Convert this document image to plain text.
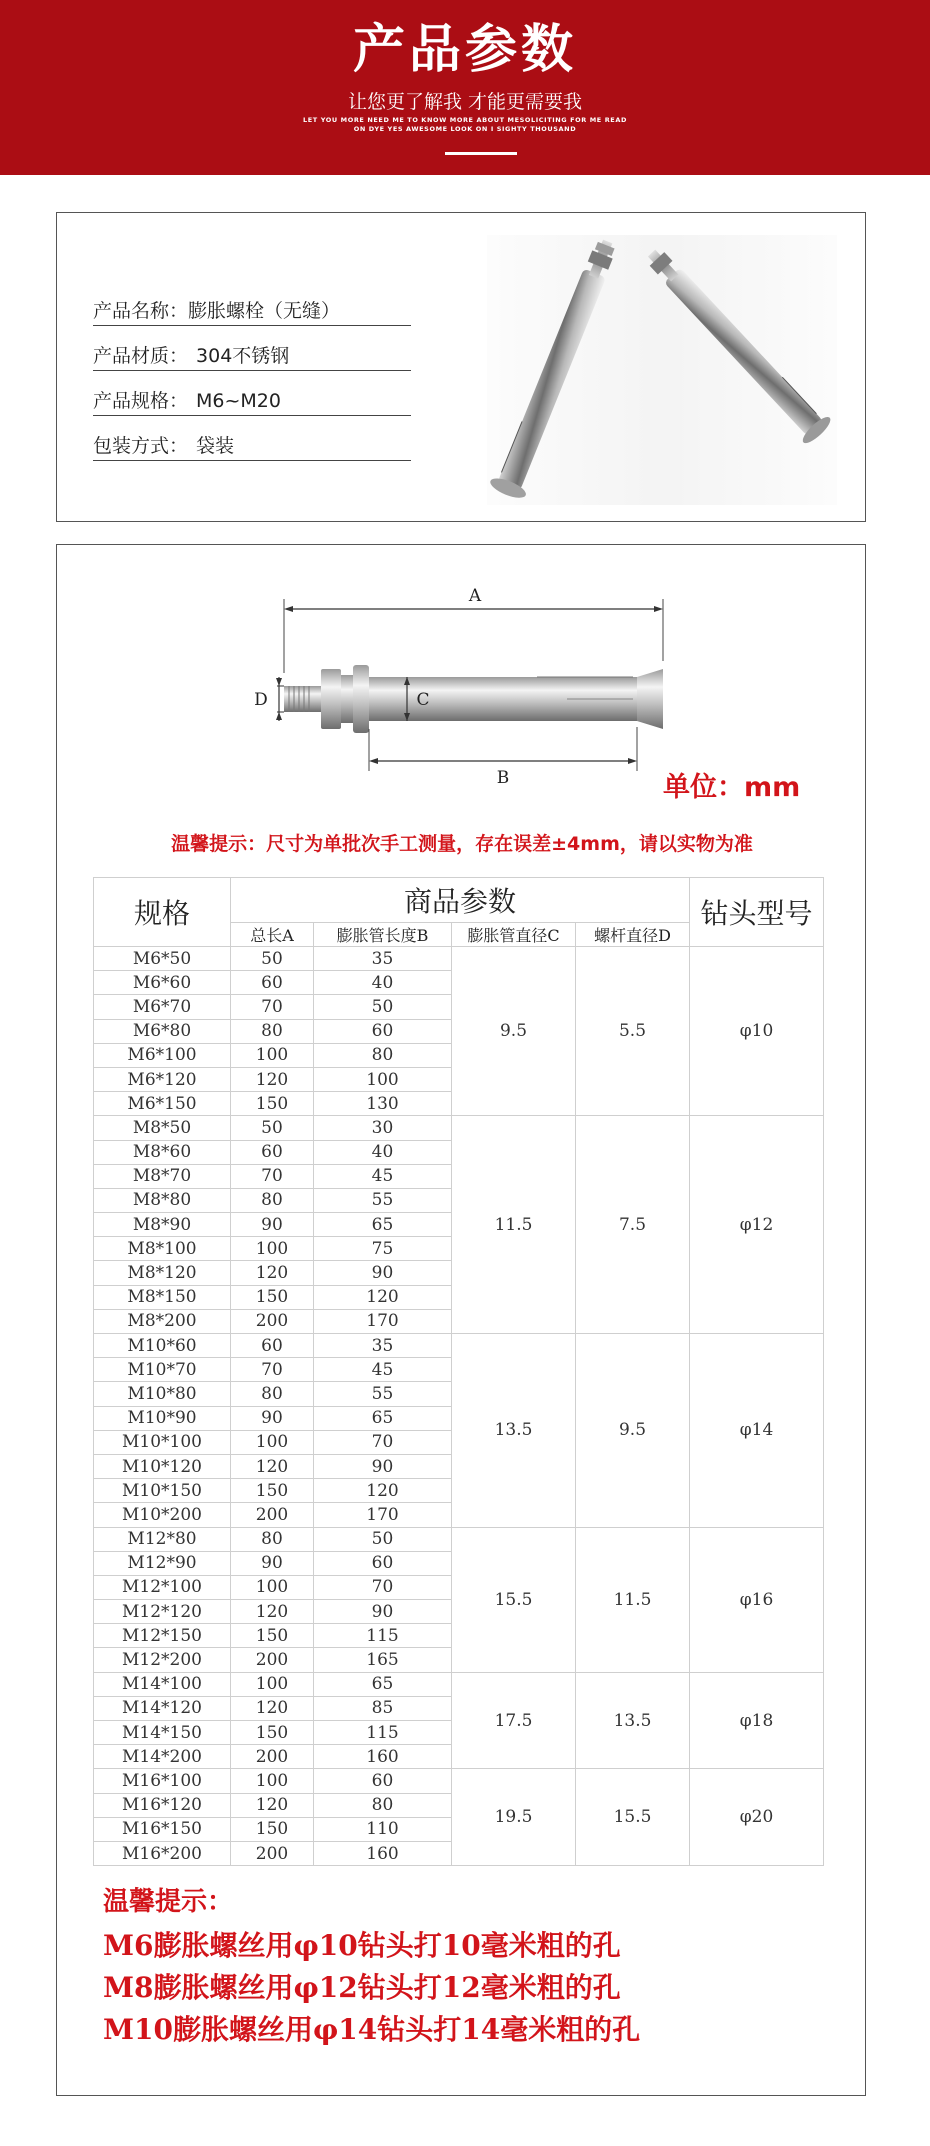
产品参数
让您更了解我 才能更需要我
LET YOU MORE NEED ME TO KNOW MORE ABOUT MESOLICITING FOR ME READ
ON DYE YES AWESOME LOOK ON I SIGHTY THOUSAND
产品名称：膨胀螺栓（无缝）
产品材质： 304不锈钢
产品规格： M6~M20
包装方式： 袋装
A
D	C
B	单位：mm
温馨提示：尺寸为单批次手工测量，存在误差±4mm，请以实物为准
规格	商品参数				钻头型号
	总长A	膨胀管长度B	膨胀管直径C	螺杆直径D	
M6*50	50	35	9.5	5.5	φ10
M6*60	60	40			
M6*70	70	50			
M6*80	80	60			
M6*100	100	80			
M6*120	120	100			
M6*150	150	130			
M8*50	50	30	11.5	7.5	φ12
M8*60	60	40			
M8*70	70	45			
M8*80	80	55			
M8*90	90	65			
M8*100	100	75			
M8*120	120	90			
M8*150	150	120			
M8*200	200	170			
M10*60	60	35	13.5	9.5	φ14
M10*70	70	45			
M10*80	80	55			
M10*90	90	65			
M10*100	100	70			
M10*120	120	90			
M10*150	150	120			
M10*200	200	170			
M12*80	80	50	15.5	11.5	φ16
M12*90	90	60			
M12*100	100	70			
M12*120	120	90			
M12*150	150	115			
M12*200	200	165			
M14*100	100	65	17.5	13.5	φ18
M14*120	120	85			
M14*150	150	115			
M14*200	200	160			
M16*100	100	60	19.5	15.5	φ20
M16*120	120	80			
M16*150	150	110			
M16*200	200	160			
温馨提示：
M6膨胀螺丝用φ10钻头打10毫米粗的孔
M8膨胀螺丝用φ12钻头打12毫米粗的孔
M10膨胀螺丝用φ14钻头打14毫米粗的孔
